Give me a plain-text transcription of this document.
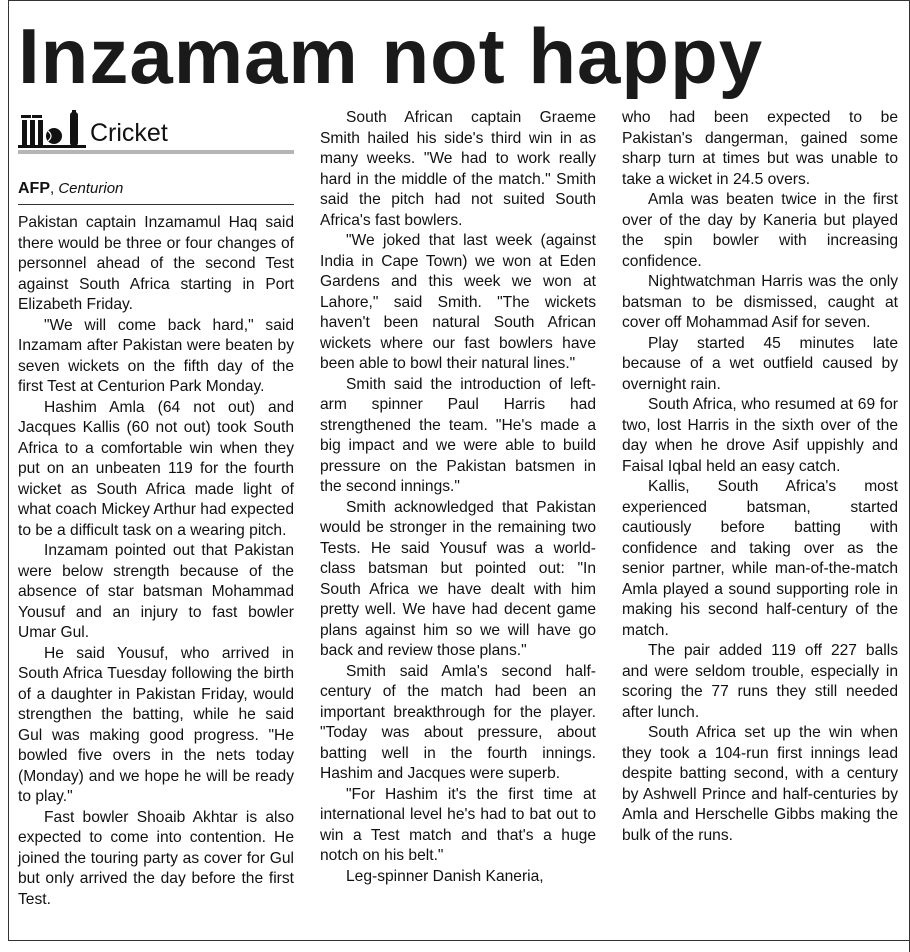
Inzamam not happy
Cricket
AFP, Centurion

Pakistan captain Inzamamul Haq said there would be three or four changes of personnel ahead of the second Test against South Africa starting in Port Elizabeth Friday.

"We will come back hard," said Inzamam after Pakistan were beaten by seven wickets on the fifth day of the first Test at Centurion Park Monday.

Hashim Amla (64 not out) and Jacques Kallis (60 not out) took South Africa to a comfortable win when they put on an unbeaten 119 for the fourth wicket as South Africa made light of what coach Mickey Arthur had expected to be a difficult task on a wearing pitch.

Inzamam pointed out that Pakistan were below strength because of the absence of star batsman Mohammad Yousuf and an injury to fast bowler Umar Gul.

He said Yousuf, who arrived in South Africa Tuesday following the birth of a daughter in Pakistan Friday, would strengthen the batting, while he said Gul was making good progress. "He bowled five overs in the nets today (Monday) and we hope he will be ready to play."

Fast bowler Shoaib Akhtar is also expected to come into contention. He joined the touring party as cover for Gul but only arrived the day before the first Test.

South African captain Graeme Smith hailed his side's third win in as many weeks. "We had to work really hard in the middle of the match." Smith said the pitch had not suited South Africa's fast bowlers.

"We joked that last week (against India in Cape Town) we won at Eden Gardens and this week we won at Lahore," said Smith. "The wickets haven't been natural South African wickets where our fast bowlers have been able to bowl their natural lines."

Smith said the introduction of left-arm spinner Paul Harris had strengthened the team. "He's made a big impact and we were able to build pressure on the Pakistan batsmen in the second innings."

Smith acknowledged that Pakistan would be stronger in the remaining two Tests. He said Yousuf was a world-class batsman but pointed out: "In South Africa we have dealt with him pretty well. We have had decent game plans against him so we will have go back and review those plans."

Smith said Amla's second half-century of the match had been an important breakthrough for the player. "Today was about pressure, about batting well in the fourth innings. Hashim and Jacques were superb.

"For Hashim it's the first time at international level he's had to bat out to win a Test match and that's a huge notch on his belt."

Leg-spinner Danish Kaneria,

who had been expected to be Pakistan's dangerman, gained some sharp turn at times but was unable to take a wicket in 24.5 overs.

Amla was beaten twice in the first over of the day by Kaneria but played the spin bowler with increasing confidence.

Nightwatchman Harris was the only batsman to be dismissed, caught at cover off Mohammad Asif for seven.

Play started 45 minutes late because of a wet outfield caused by overnight rain.

South Africa, who resumed at 69 for two, lost Harris in the sixth over of the day when he drove Asif uppishly and Faisal Iqbal held an easy catch.

Kallis, South Africa's most experienced batsman, started cautiously before batting with confidence and taking over as the senior partner, while man-of-the-match Amla played a sound supporting role in making his second half-century of the match.

The pair added 119 off 227 balls and were seldom trouble, especially in scoring the 77 runs they still needed after lunch.

South Africa set up the win when they took a 104-run first innings lead despite batting second, with a century by Ashwell Prince and half-centuries by Amla and Herschelle Gibbs making the bulk of the runs.
